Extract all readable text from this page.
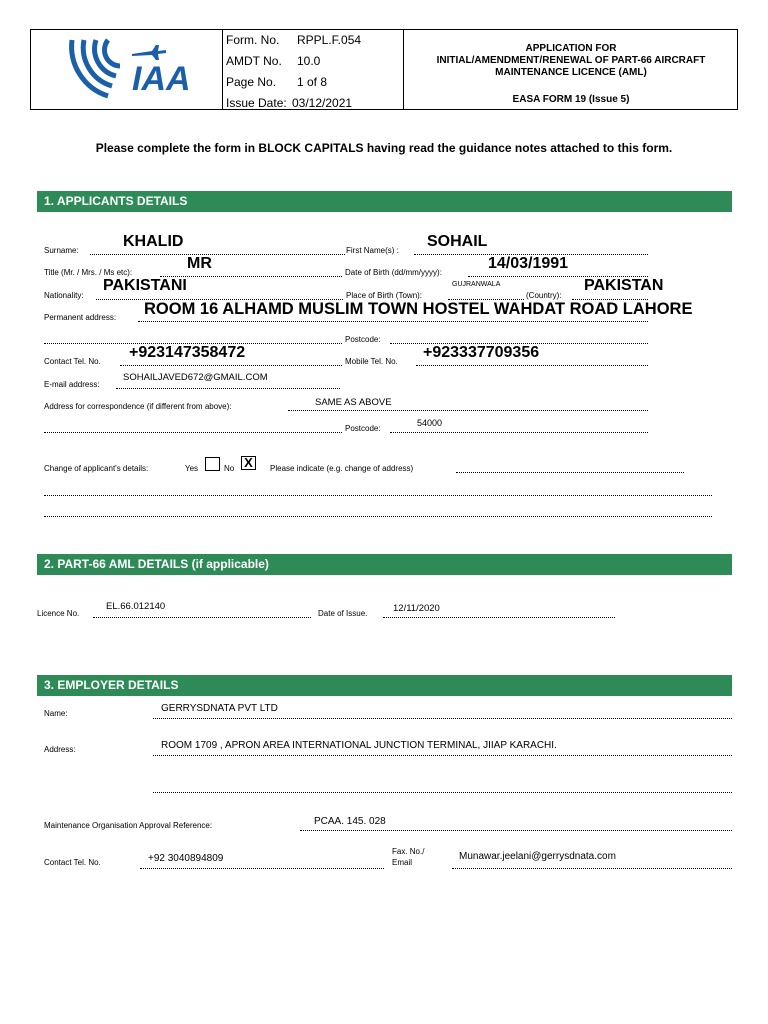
IAA
Form. No. RPPL.F.054
AMDT No. 10.0
Page No. 1 of 8
Issue Date: 03/12/2021
APPLICATION FOR
INITIAL/AMENDMENT/RENEWAL OF PART-66 AIRCRAFT
MAINTENANCE LICENCE (AML)
EASA FORM 19 (Issue 5)
Please complete the form in BLOCK CAPITALS having read the guidance notes attached to this form.
1. APPLICANTS DETAILS
Surname:
KHALID
First Name(s) :
SOHAIL
Title (Mr. / Mrs. / Ms etc):
MR
Date of Birth (dd/mm/yyyy):
14/03/1991
Nationality:
PAKISTANI
Place of Birth (Town):
GUJRANWALA
(Country):
PAKISTAN
Permanent address: ROOM 16 ALHAMD MUSLIM TOWN HOSTEL WAHDAT ROAD LAHORE
Postcode:
Contact Tel. No.
+923147358472
Mobile Tel. No.
+923337709356
E-mail address:
SOHAILJAVED672@GMAIL.COM
Address for correspondence (if different from above):	SAME AS ABOVE
Postcode:
54000
Change of applicant's details:	Yes	No X	Please indicate (e.g. change of address)
2. PART-66 AML DETAILS (if applicable)
Licence No.
EL.66.012140
Date of Issue.	12/11/2020
3. EMPLOYER DETAILS
Name:	GERRYSDNATA PVT LTD
Address:	ROOM 1709 , APRON AREA INTERNATIONAL JUNCTION TERMINAL, JIIAP KARACHI.
Maintenance Organisation Approval Reference:	PCAA. 145. 028
Contact Tel. No.	+92 3040894809
Fax. No./
Email
Munawar.jeelani@gerrysdnata.com
